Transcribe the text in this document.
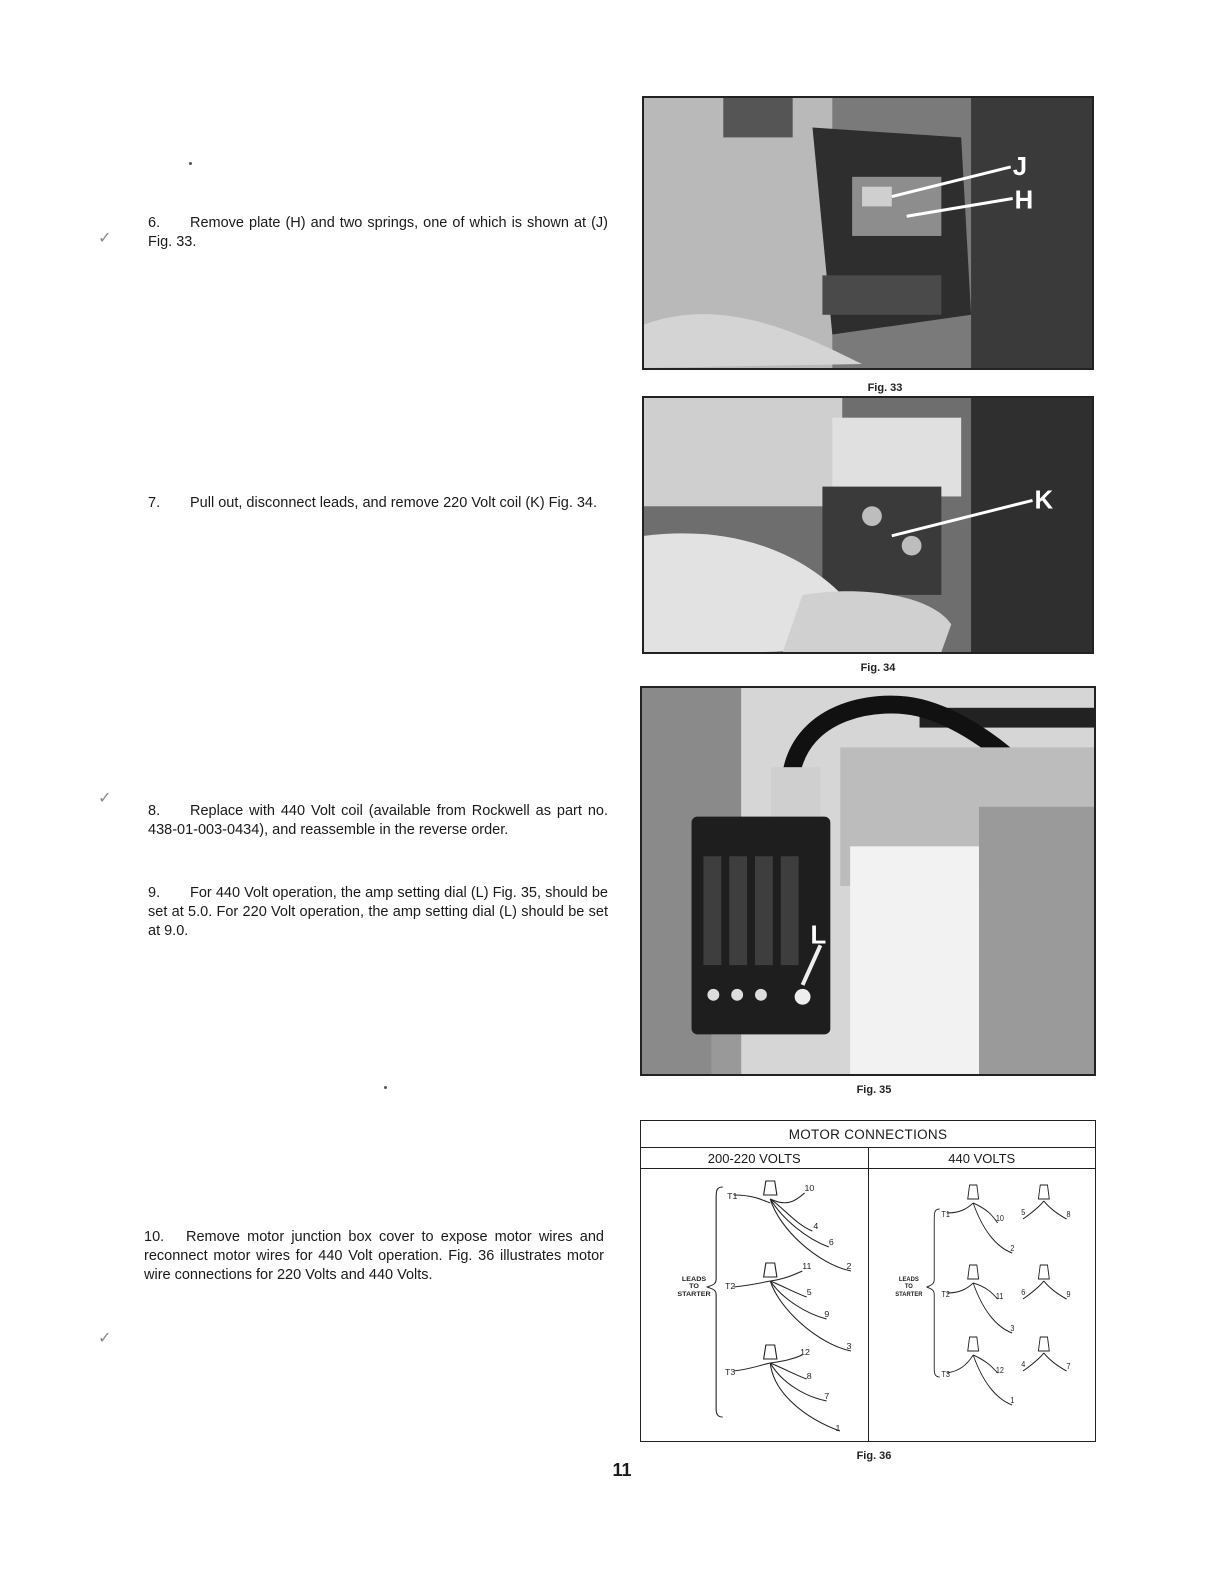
✓
✓
✓

6. Remove plate (H) and two springs, one of which is shown at (J) Fig. 33.

7. Pull out, disconnect leads, and remove 220 Volt coil (K) Fig. 34.

8. Replace with 440 Volt coil (available from Rockwell as part no. 438-01-003-0434), and reassemble in the reverse order.

9. For 440 Volt operation, the amp setting dial (L) Fig. 35, should be set at 5.0. For 220 Volt operation, the amp setting dial (L) should be set at 9.0.

10. Remove motor junction box cover to expose motor wires and reconnect motor wires for 440 Volt operation. Fig. 36 illustrates motor wire connections for 220 Volts and 440 Volts.

J
H
Fig. 33
K
Fig. 34
L
Fig. 35
MOTOR CONNECTIONS
200-220 VOLTS	440 VOLTS
LEADS
TO
STARTER
T1
10
4
6
2
T2
11
5
9
3
T3
12
8
7
1
LEADS
TO
STARTER
T1	10
2
5	8
T2	11
3
6	9
T3	12
1
4	7
Fig. 36
11
